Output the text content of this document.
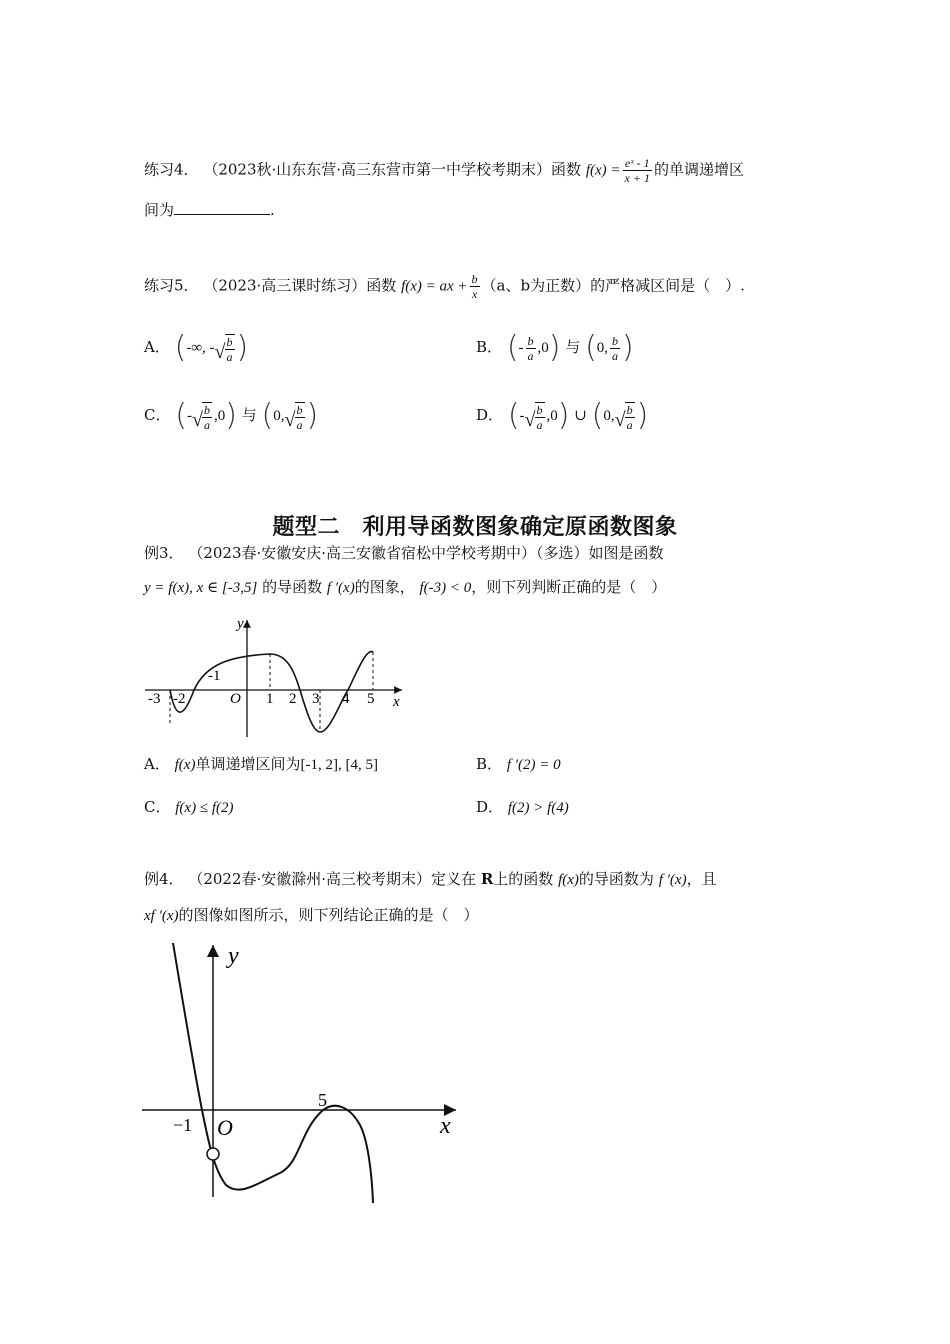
练习4． （2023秋·山东东营·高三东营市第一中学校考期末）函数 $f(x) = \frac{\text{eˣ - 1}}{x + 1}$ 的单调递增区
间为	.
练习5． （2023·高三课时练习）函数 f(x) = ax + $\frac{b}{x} (a$、b为正数）的严格减区间是（　）.
A． (-∞, - √ $\frac{b}{a}$ )	B． (- $\frac{b}{a} ,0$) 与 (0, $\frac{b}{a}$ )
C． (- √ $\frac{b}{a} ,0$) 与 (0, √ $\frac{b}{a}$ )	D． (- √ $\frac{b}{a} ,0$) ∪ (0, √ $\frac{b}{a}$ )
题型二　利用导函数图象确定原函数图象
例3． （2023春·安徽安庆·高三安徽省宿松中学校考期中）（多选）如图是函数
y = f(x), x ∈ [-3,5] 的导函数 f ′(x)的图象， f(-3) < 0，则下列判断正确的是（　）
y
x
O
-1
-3 -2	1 2 3 4 5
A． f(x)单调递增区间为[-1, 2], [4, 5]	B． f ′(2) = 0
C． f(x) ≤ f(2)	D． f(2) > f(4)
例4． （2022春·安徽滁州·高三校考期末）定义在 R上的函数 f(x)的导函数为 f ′(x)，且
xf ′(x)的图像如图所示，则下列结论正确的是（　）
y
x
O
−1
5
